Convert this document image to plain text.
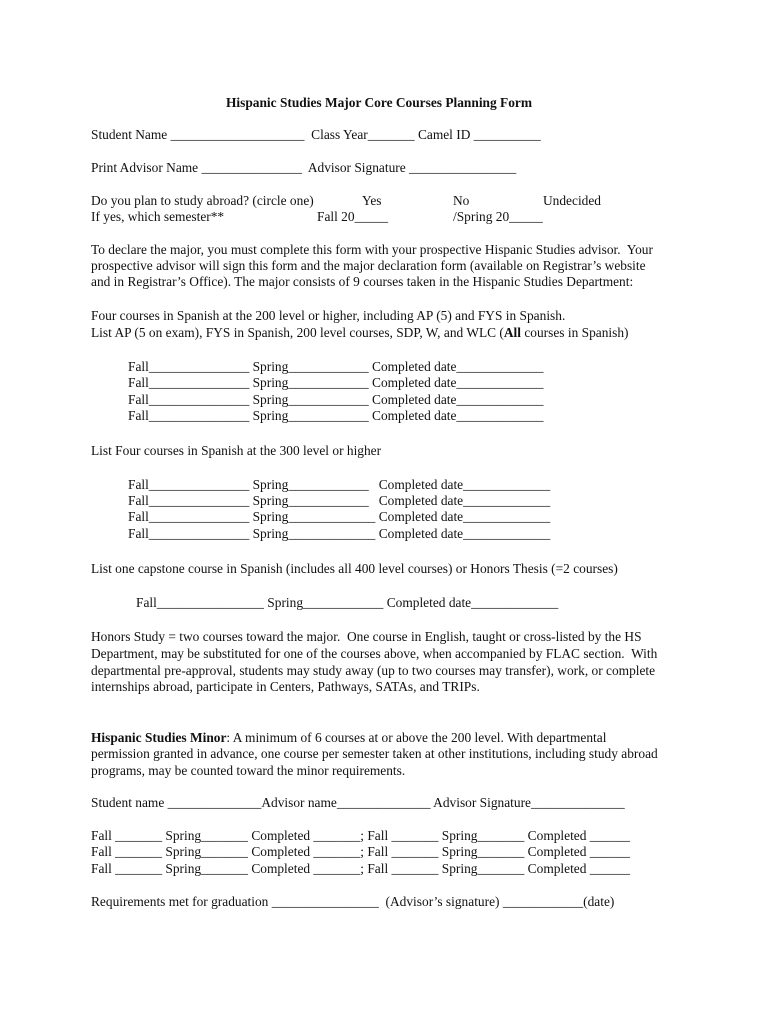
Hispanic Studies Major Core Courses Planning Form
Student Name ____________________  Class Year_______ Camel ID __________
Print Advisor Name _______________  Advisor Signature ________________
Do you plan to study abroad? (circle one)	Yes	No	Undecided
If yes, which semester**	Fall 20_____	/Spring 20_____
To declare the major, you must complete this form with your prospective Hispanic Studies advisor.  Your
prospective advisor will sign this form and the major declaration form (available on Registrar’s website
and in Registrar’s Office). The major consists of 9 courses taken in the Hispanic Studies Department:
Four courses in Spanish at the 200 level or higher, including AP (5) and FYS in Spanish.
List AP (5 on exam), FYS in Spanish, 200 level courses, SDP, W, and WLC (All courses in Spanish)
Fall_______________ Spring____________ Completed date_____________
Fall_______________ Spring____________ Completed date_____________
Fall_______________ Spring____________ Completed date_____________
Fall_______________ Spring____________ Completed date_____________
List Four courses in Spanish at the 300 level or higher
Fall_______________ Spring____________   Completed date_____________
Fall_______________ Spring____________   Completed date_____________
Fall_______________ Spring_____________ Completed date_____________
Fall_______________ Spring_____________ Completed date_____________
List one capstone course in Spanish (includes all 400 level courses) or Honors Thesis (=2 courses)
Fall________________ Spring____________ Completed date_____________
Honors Study = two courses toward the major.  One course in English, taught or cross-listed by the HS
Department, may be substituted for one of the courses above, when accompanied by FLAC section.  With
departmental pre-approval, students may study away (up to two courses may transfer), work, or complete
internships abroad, participate in Centers, Pathways, SATAs, and TRIPs.
Hispanic Studies Minor: A minimum of 6 courses at or above the 200 level. With departmental
permission granted in advance, one course per semester taken at other institutions, including study abroad
programs, may be counted toward the minor requirements.
Student name ______________Advisor name______________ Advisor Signature______________
Fall _______ Spring_______ Completed _______; Fall _______ Spring_______ Completed ______
Fall _______ Spring_______ Completed _______; Fall _______ Spring_______ Completed ______
Fall _______ Spring_______ Completed _______; Fall _______ Spring_______ Completed ______
Requirements met for graduation ________________  (Advisor’s signature) ____________(date)
